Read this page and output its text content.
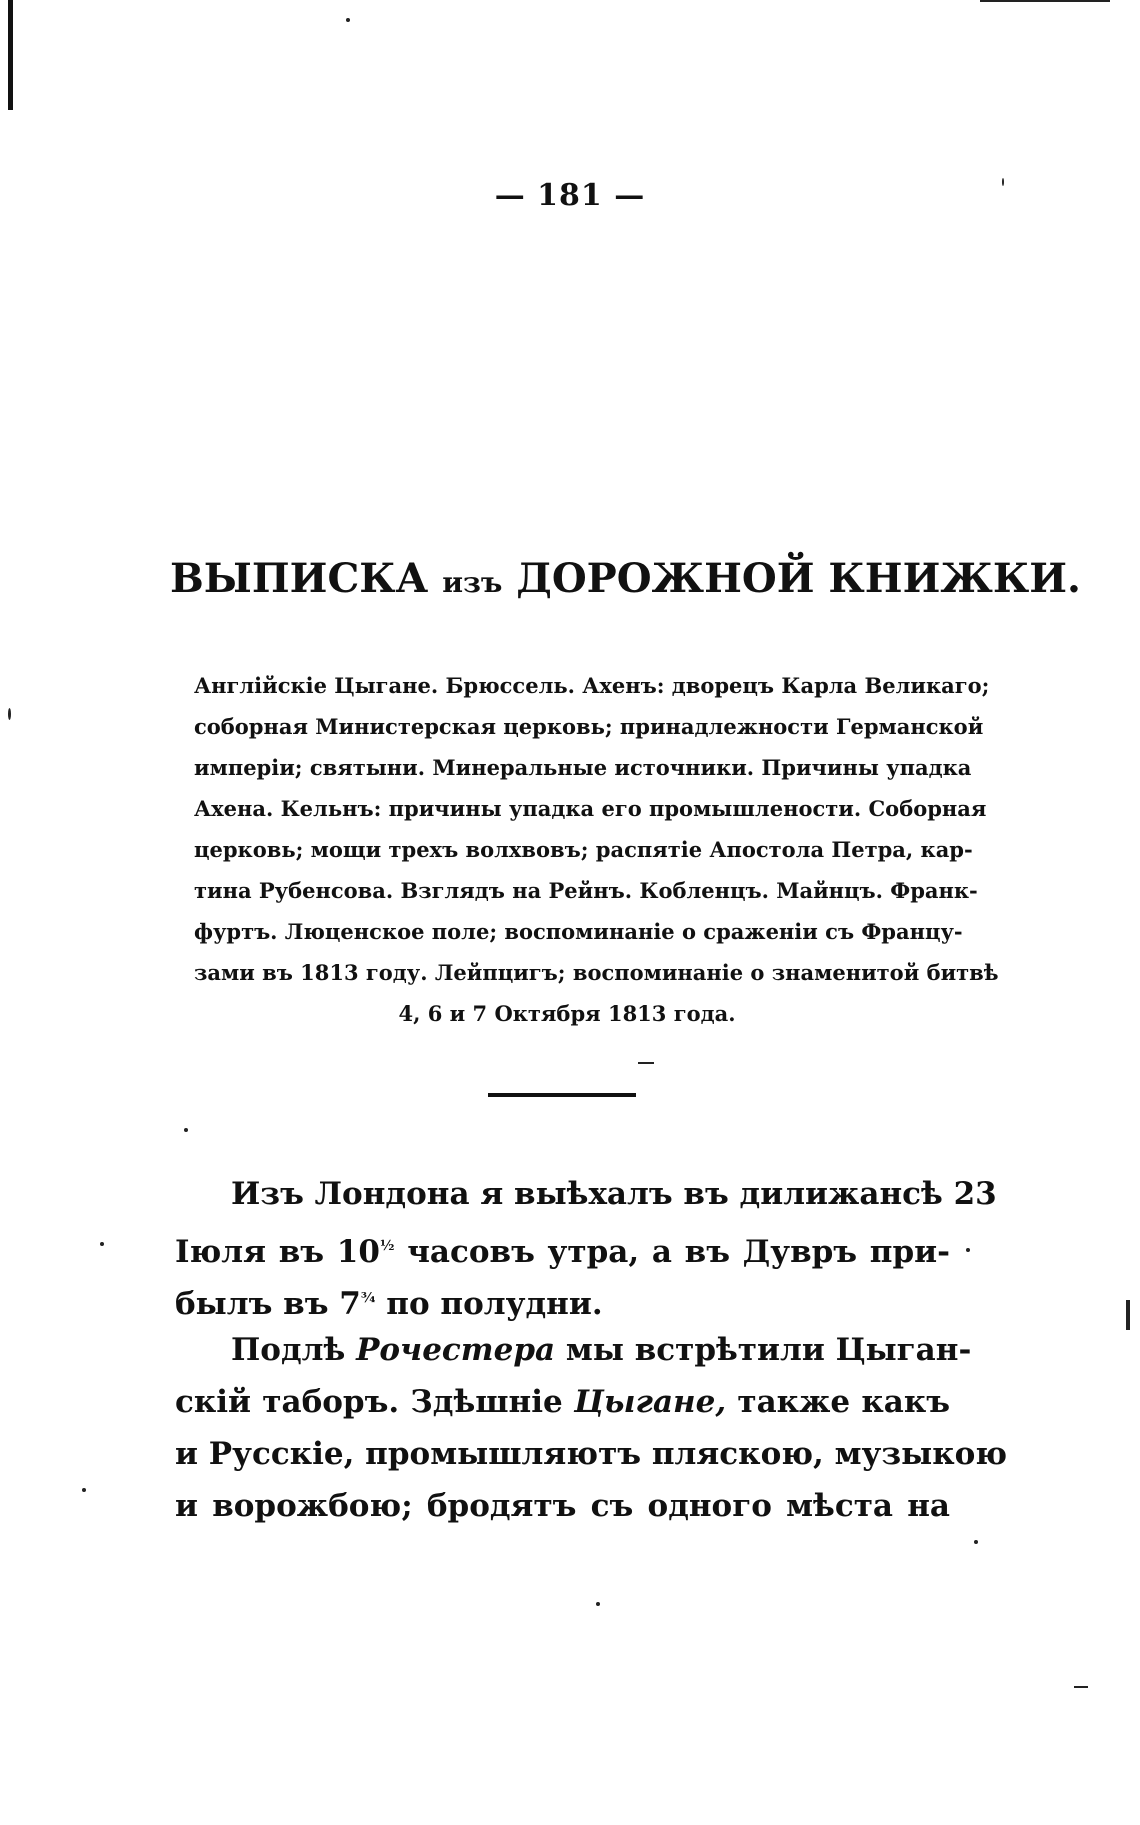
— 181 —
ВЫПИСКА изъ ДОРОЖНОЙ КНИЖКИ.
Англійскіе Цыгане. Брюссель. Ахенъ: дворецъ Карла Великаго;
соборная Министерская церковь; принадлежности Германской
имперіи; святыни. Минеральные источники. Причины упадка
Ахена. Кельнъ: причины упадка его промышлености. Соборная
церковь; мощи трехъ волхвовъ; распятіе Апостола Петра, кар-
тина Рубенсова. Взглядъ на Рейнъ. Кобленцъ. Майнцъ. Франк-
фуртъ. Люценское поле; воспоминаніе о сраженіи съ Францу-
зами въ 1813 году. Лейпцигъ; воспоминаніе о знаменитой битвѣ
4, 6 и 7 Октября 1813 года.
Изъ Лондона я выѣхалъ въ дилижансѣ 23
Іюля въ $10^{\frac{1}{2}}$ часовъ утра, а въ Дувръ при-
былъ въ $7^{\frac{3}{4}}$ по полудни.
Подлѣ Рочестера мы встрѣтили Цыган-
скій таборъ. Здѣшніе Цыгане, также какъ
и Русскіе, промышляютъ пляскою, музыкою
и ворожбою; бродятъ съ одного мѣста на
